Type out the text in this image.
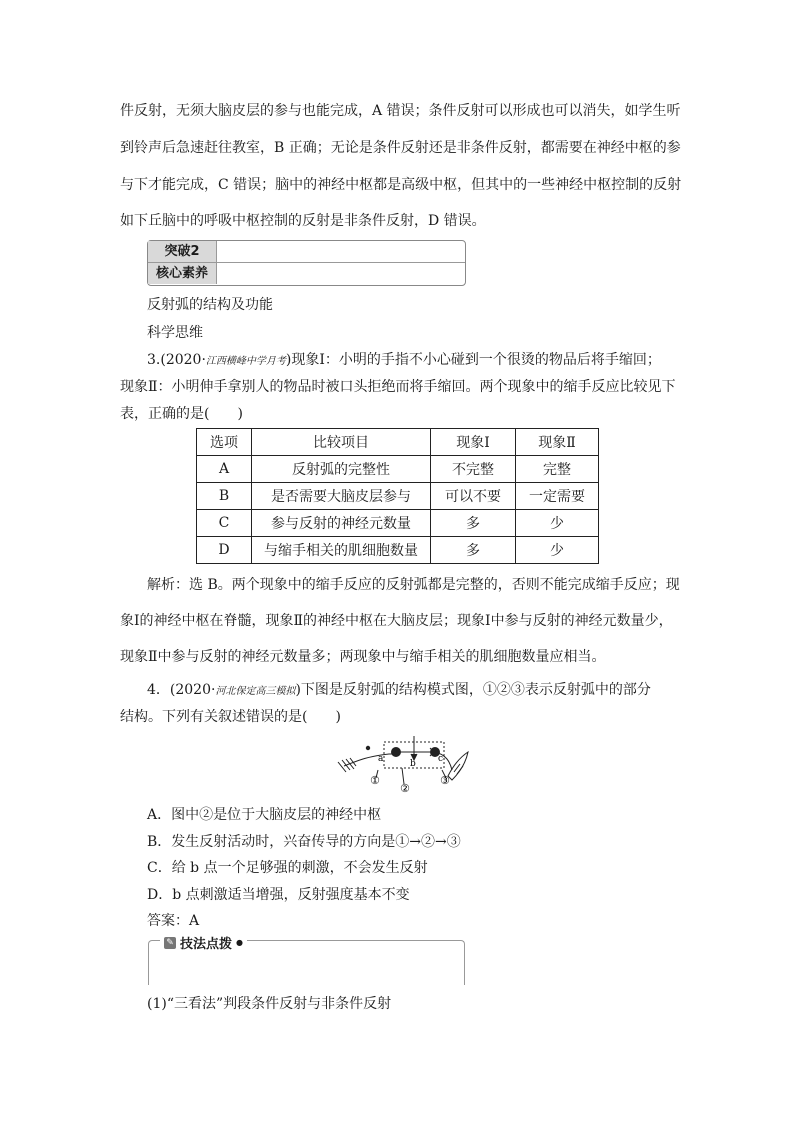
件反射，无须大脑皮层的参与也能完成，A 错误；条件反射可以形成也可以消失，如学生听
到铃声后急速赶往教室，B 正确；无论是条件反射还是非条件反射，都需要在神经中枢的参
与下才能完成，C 错误；脑中的神经中枢都是高级中枢，但其中的一些神经中枢控制的反射
如下丘脑中的呼吸中枢控制的反射是非条件反射，D 错误。
突破2
核心素养
反射弧的结构及功能
科学思维
3.(2020·江西横峰中学月考)现象Ⅰ：小明的手指不小心碰到一个很烫的物品后将手缩回；
现象Ⅱ：小明伸手拿别人的物品时被口头拒绝而将手缩回。两个现象中的缩手反应比较见下
表，正确的是(　　)
选项	比较项目	现象Ⅰ	现象Ⅱ
A	反射弧的完整性	不完整	完整
B	是否需要大脑皮层参与	可以不要	一定需要
C	参与反射的神经元数量	多	少
D	与缩手相关的肌细胞数量	多	少
解析：选 B。两个现象中的缩手反应的反射弧都是完整的，否则不能完成缩手反应；现
象Ⅰ的神经中枢在脊髓，现象Ⅱ的神经中枢在大脑皮层；现象Ⅰ中参与反射的神经元数量少，
现象Ⅱ中参与反射的神经元数量多；两现象中与缩手相关的肌细胞数量应相当。
4．(2020·河北保定高三模拟)下图是反射弧的结构模式图，①②③表示反射弧中的部分
结构。下列有关叙述错误的是(　　)
a	b c
①
②
③
A．图中②是位于大脑皮层的神经中枢
B．发生反射活动时，兴奋传导的方向是①→②→③
C．给 b 点一个足够强的刺激，不会发生反射
D．b 点刺激适当增强，反射强度基本不变
答案：A
✎ 技法点拨 ●
(1)“三看法”判段条件反射与非条件反射
